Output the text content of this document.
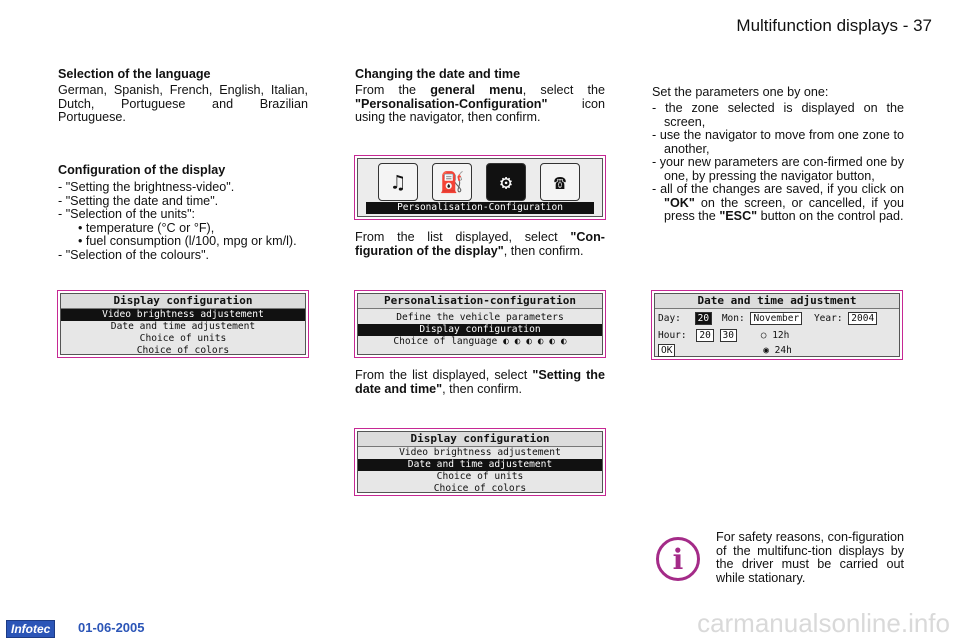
Multifunction displays - 37
Selection of the language
German, Spanish, French, English, Italian, Dutch, Portuguese and Brazilian Portuguese.
Configuration of the display
- "Setting the brightness-video".
- "Setting the date and time".
- "Selection of the units":
• temperature (°C or °F),
• fuel consumption (l/100, mpg or km/l).
- "Selection of the colours".
Display configuration
Video brightness adjustement
Date and time adjustement
Choice of units
Choice of colors
Changing the date and time
From the general menu, select the "Personalisation-Configuration" icon using the navigator, then confirm.
♫	⛽	⚙	☎
Personalisation-Configuration
From the list displayed, select "Con-figuration of the display", then confirm.
Personalisation-configuration
Define the vehicle parameters
Display configuration
Choice of language ◐ ◐ ◐ ◐ ◐ ◐
From the list displayed, select "Setting the date and time", then confirm.
Display configuration
Video brightness adjustement
Date and time adjustement
Choice of units
Choice of colors
Set the parameters one by one:
- the zone selected is displayed on the screen,
- use the navigator to move from one zone to another,
- your new parameters are con-firmed one by one, by pressing the navigator button,
- all of the changes are saved, if you click on "OK" on the screen, or cancelled, if you press the "ESC" button on the control pad.
Date and time adjustment
Day: 20 Mon: November Year: 2004
Hour: 20 30	○ 12h
OK	◉ 24h
i
For safety reasons, con-figuration of the multifunc-tion displays by the driver must be carried out while stationary.
Infotec	01-06-2005	carmanualsonline.info
